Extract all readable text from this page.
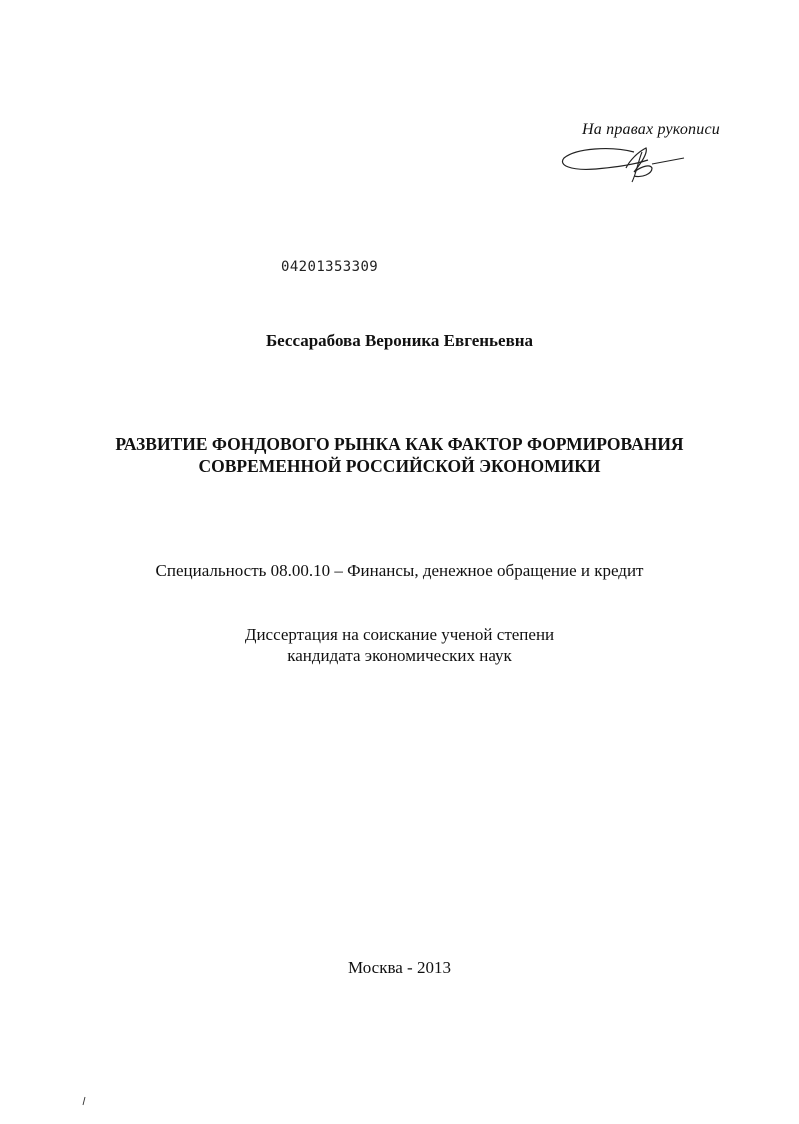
На правах рукописи
04201353309
Бессарабова Вероника Евгеньевна
РАЗВИТИЕ ФОНДОВОГО РЫНКА КАК ФАКТОР ФОРМИРОВАНИЯ
СОВРЕМЕННОЙ РОССИЙСКОЙ ЭКОНОМИКИ
Специальность 08.00.10 – Финансы, денежное обращение и кредит
Диссертация на соискание ученой степени
кандидата экономических наук
Москва - 2013
